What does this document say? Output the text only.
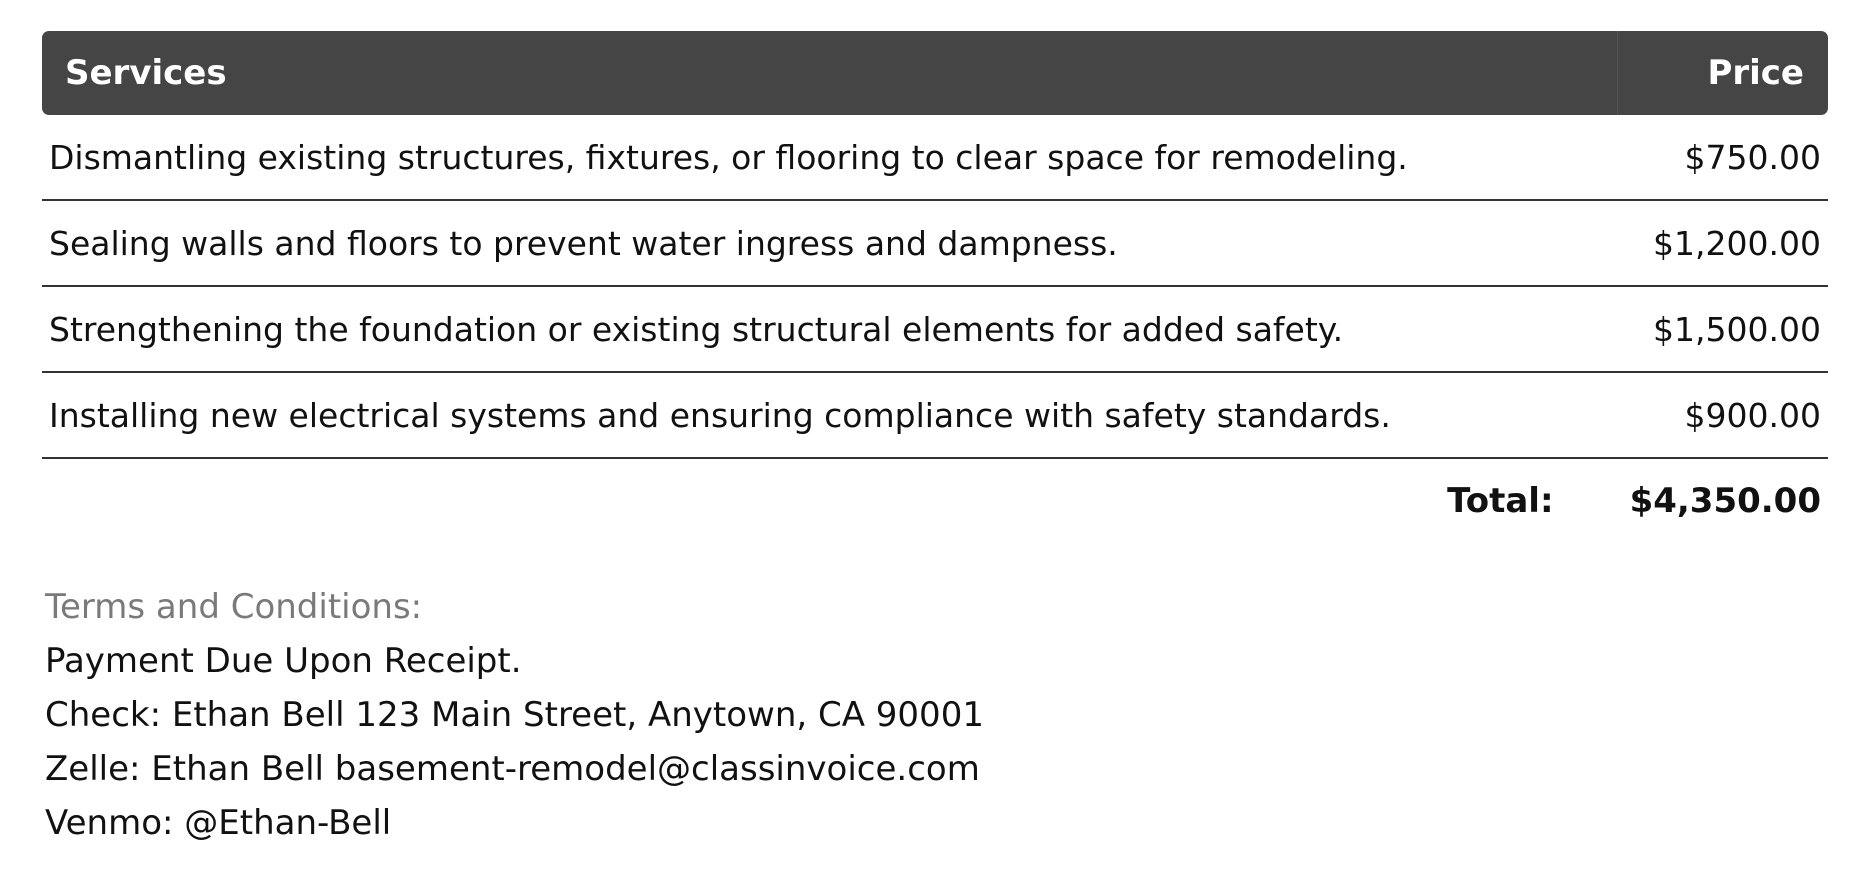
Services	Price
Dismantling existing structures, fixtures, or flooring to clear space for remodeling.	$750.00
Sealing walls and floors to prevent water ingress and dampness.	$1,200.00
Strengthening the foundation or existing structural elements for added safety.	$1,500.00
Installing new electrical systems and ensuring compliance with safety standards.	$900.00
Total: $4,350.00
Terms and Conditions:
Payment Due Upon Receipt.
Check: Ethan Bell 123 Main Street, Anytown, CA 90001
Zelle: Ethan Bell basement-remodel@classinvoice.com
Venmo: @Ethan-Bell
